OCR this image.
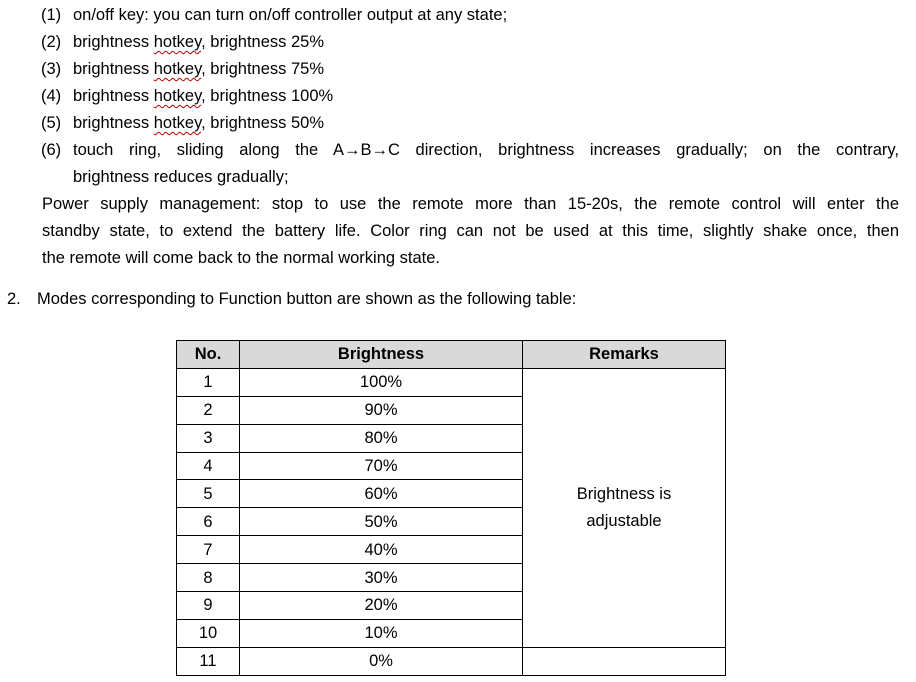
(1) on/off key: you can turn on/off controller output at any state;
(2) brightness hotkey, brightness 25%
(3) brightness hotkey, brightness 75%
(4) brightness hotkey, brightness 100%
(5) brightness hotkey, brightness 50%
(6) touch ring, sliding along the A→B→C direction, brightness increases gradually; on the contrary,
brightness reduces gradually;
Power supply management: stop to use the remote more than 15-20s, the remote control will enter the
standby state, to extend the battery life. Color ring can not be used at this time, slightly shake once, then
the remote will come back to the normal working state.
2. Modes corresponding to Function button are shown as the following table:
No.	Brightness	Remarks
1	100%	Brightness is
adjustable

2	90%	
3	80%	
4	70%	
5	60%	
6	50%	
7	40%	
8	30%	
9	20%	
10	10%	
11	0%	
